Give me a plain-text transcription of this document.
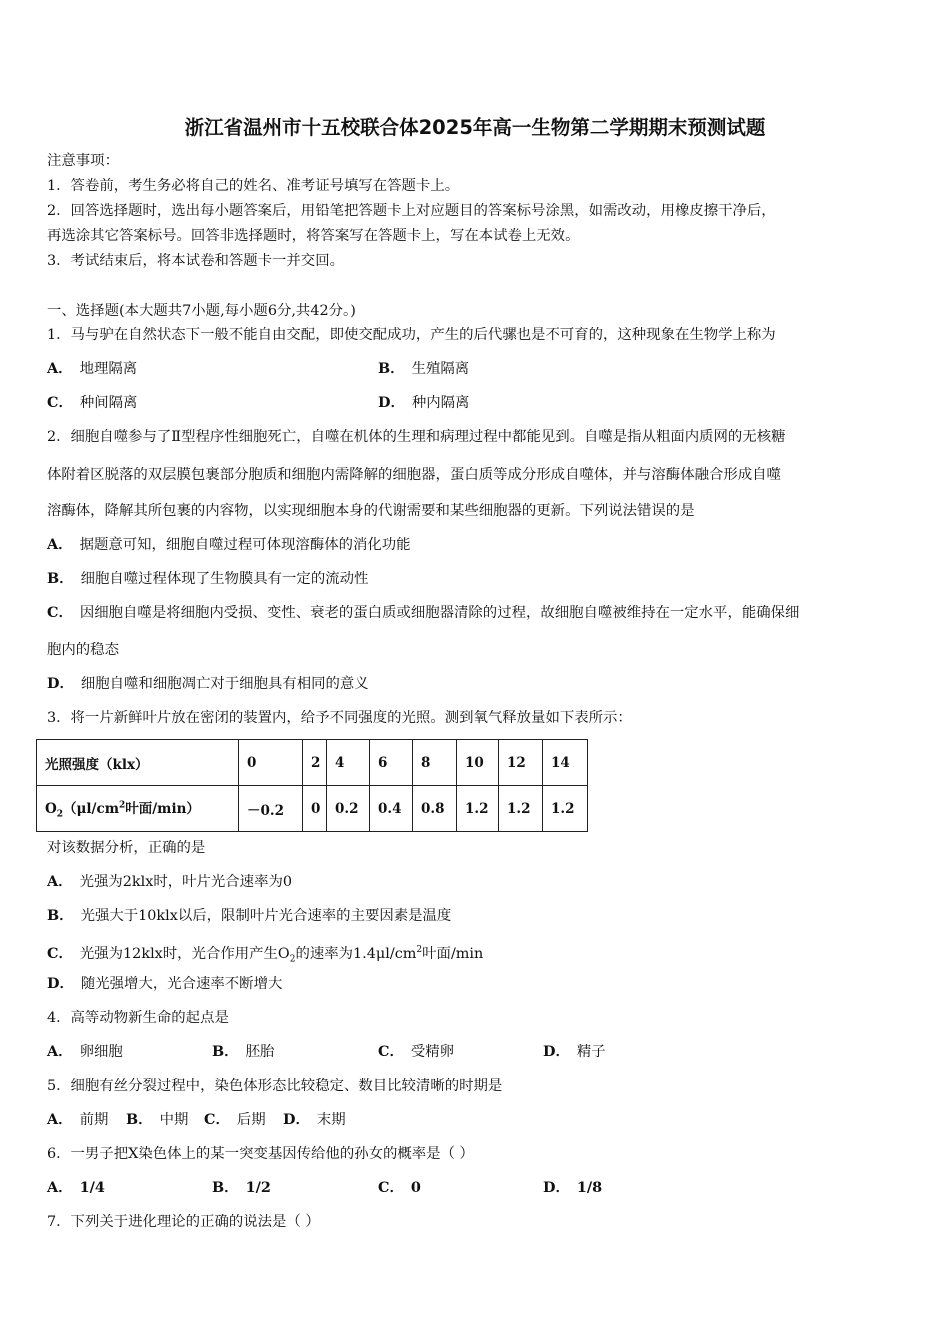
浙江省温州市十五校联合体2025年高一生物第二学期期末预测试题
注意事项：
1．答卷前，考生务必将自己的姓名、准考证号填写在答题卡上。
2．回答选择题时，选出每小题答案后，用铅笔把答题卡上对应题目的答案标号涂黑，如需改动，用橡皮擦干净后，
再选涂其它答案标号。回答非选择题时，将答案写在答题卡上，写在本试卷上无效。
3．考试结束后，将本试卷和答题卡一并交回。
一、选择题(本大题共7小题,每小题6分,共42分。)
1．马与驴在自然状态下一般不能自由交配，即使交配成功，产生的后代骡也是不可育的，这种现象在生物学上称为
A． 地理隔离	B． 生殖隔离
C． 种间隔离	D． 种内隔离
2．细胞自噬参与了Ⅱ型程序性细胞死亡，自噬在机体的生理和病理过程中都能见到。自噬是指从粗面内质网的无核糖
体附着区脱落的双层膜包裹部分胞质和细胞内需降解的细胞器，蛋白质等成分形成自噬体，并与溶酶体融合形成自噬
溶酶体，降解其所包裹的内容物，以实现细胞本身的代谢需要和某些细胞器的更新。下列说法错误的是
A． 据题意可知，细胞自噬过程可体现溶酶体的消化功能
B． 细胞自噬过程体现了生物膜具有一定的流动性
C． 因细胞自噬是将细胞内受损、变性、衰老的蛋白质或细胞器清除的过程，故细胞自噬被维持在一定水平，能确保细
胞内的稳态
D． 细胞自噬和细胞凋亡对于细胞具有相同的意义
3．将一片新鲜叶片放在密闭的装置内，给予不同强度的光照。测到氧气释放量如下表所示：
光照强度（klx）	0	2	4	6	8	10	12	14
$O_2(\mu l/cm^2$叶面/min）	－0.2	0	0.2	0.4	0.8	1.2	1.2	1.2
对该数据分析，正确的是
A． 光强为2klx时，叶片光合速率为0
B． 光强大于10klx以后，限制叶片光合速率的主要因素是温度
C． 光强为12klx时，光合作用产生$O_2$的速率为$1.4\mu l/cm^2$叶面/min
D． 随光强增大，光合速率不断增大
4．高等动物新生命的起点是
A． 卵细胞	B． 胚胎	C． 受精卵	D． 精子
5．细胞有丝分裂过程中，染色体形态比较稳定、数目比较清晰的时期是
A． 前期 B． 中期 C． 后期 D． 末期
6．一男子把X染色体上的某一突变基因传给他的孙女的概率是（ ）
A． 1/4	B． 1/2	C． 0	D． 1/8
7．下列关于进化理论的正确的说法是（ ）
